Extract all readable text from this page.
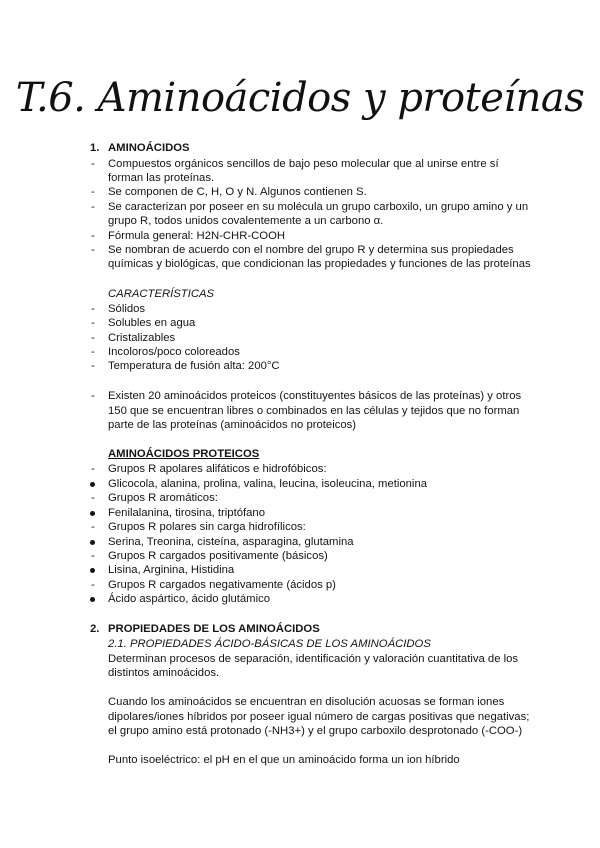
T.6. Aminoácidos y proteínas
1. AMINOÁCIDOS
- Compuestos orgánicos sencillos de bajo peso molecular que al unirse entre sí
forman las proteínas.
- Se componen de C, H, O y N. Algunos contienen S.
- Se caracterizan por poseer en su molécula un grupo carboxilo, un grupo amino y un
grupo R, todos unidos covalentemente a un carbono α.
- Fórmula general: H2N-CHR-COOH
- Se nombran de acuerdo con el nombre del grupo R y determina sus propiedades
químicas y biológicas, que condicionan las propiedades y funciones de las proteínas
CARACTERÍSTICAS
- Sólidos
- Solubles en agua
- Cristalizables
- Incoloros/poco coloreados
- Temperatura de fusión alta: 200°C
- Existen 20 aminoácidos proteicos (constituyentes básicos de las proteínas) y otros
150 que se encuentran libres o combinados en las células y tejidos que no forman
parte de las proteínas (aminoácidos no proteicos)
AMINOÁCIDOS PROTEICOS
- Grupos R apolares alifáticos e hidrofóbicos:
Glicocola, alanina, prolina, valina, leucina, isoleucina, metionina
- Grupos R aromáticos:
Fenilalanina, tirosina, triptófano
- Grupos R polares sin carga hidrofílicos:
Serina, Treonina, cisteína, asparagina, glutamina
- Grupos R cargados positivamente (básicos)
Lisina, Arginina, Histidina
- Grupos R cargados negativamente (ácidos p)
Ácido aspártico, ácido glutámico
2. PROPIEDADES DE LOS AMINOÁCIDOS
2.1. PROPIEDADES ÁCIDO-BÁSICAS DE LOS AMINOÁCIDOS
Determinan procesos de separación, identificación y valoración cuantitativa de los
distintos aminoácidos.
Cuando los aminoácidos se encuentran en disolución acuosas se forman iones
dipolares/iones híbridos por poseer igual número de cargas positivas que negativas;
el grupo amino está protonado (-NH3+) y el grupo carboxilo desprotonado (-COO-)
Punto isoeléctrico: el pH en el que un aminoácido forma un ion híbrido
